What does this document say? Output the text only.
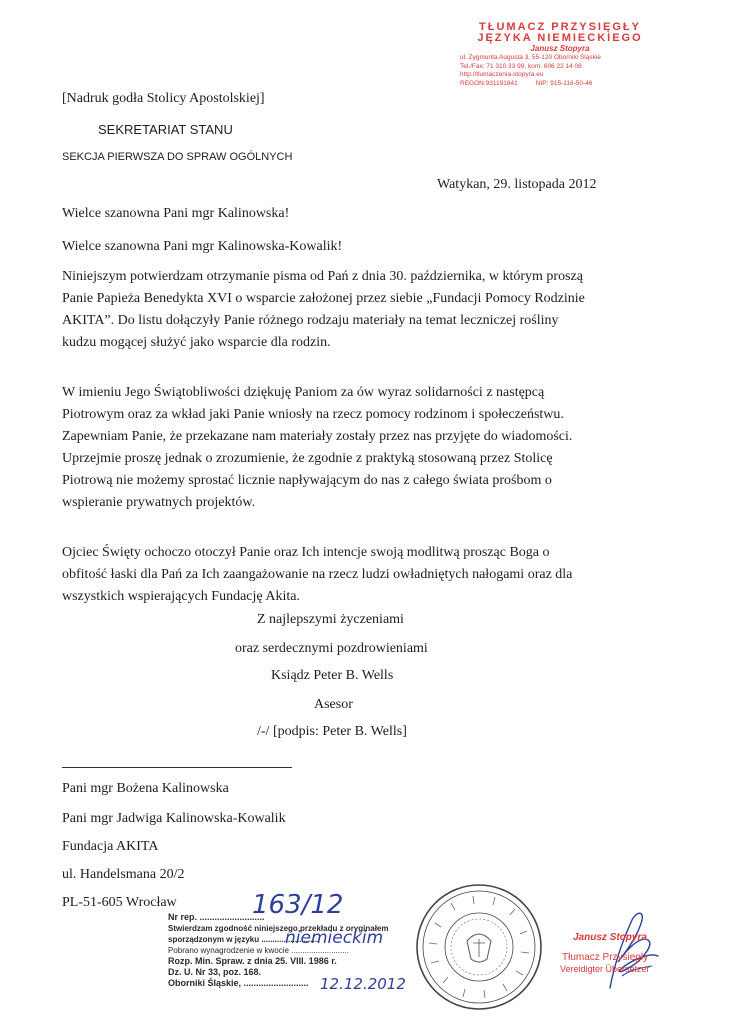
TŁUMACZ PRZYSIĘGŁY
JĘZYKA NIEMIECKIEGO
Janusz Stopyra
ul. Zygmunta Augusta 3, 55-120 Oborniki Śląskie
Tel./Fax: 71 310 33 99, kom. 606 22 14 08
http://tlumaczenia-stopyra.eu
REGON:931191841	NIP: 915-116-50-46
[Nadruk godła Stolicy Apostolskiej]
SEKRETARIAT STANU
SEKCJA PIERWSZA DO SPRAW OGÓLNYCH
Watykan, 29. listopada 2012
Wielce szanowna Pani mgr Kalinowska!
Wielce szanowna Pani mgr Kalinowska-Kowalik!
Niniejszym potwierdzam otrzymanie pisma od Pań z dnia 30. października, w którym proszą
Panie Papieża Benedykta XVI o wsparcie założonej przez siebie „Fundacji Pomocy Rodzinie
AKITA”. Do listu dołączyły Panie różnego rodzaju materiały na temat leczniczej rośliny
kudzu mogącej służyć jako wsparcie dla rodzin.
W imieniu Jego Świątobliwości dziękuję Paniom za ów wyraz solidarności z następcą
Piotrowym oraz za wkład jaki Panie wniosły na rzecz pomocy rodzinom i społeczeństwu.
Zapewniam Panie, że przekazane nam materiały zostały przez nas przyjęte do wiadomości.
Uprzejmie proszę jednak o zrozumienie, że zgodnie z praktyką stosowaną przez Stolicę
Piotrową nie możemy sprostać licznie napływającym do nas z całego świata prośbom o
wspieranie prywatnych projektów.
Ojciec Święty ochoczo otoczył Panie oraz Ich intencje swoją modlitwą prosząc Boga o
obfitość łaski dla Pań za Ich zaangażowanie na rzecz ludzi owładniętych nałogami oraz dla
wszystkich wspierających Fundację Akita.
Z najlepszymi życzeniami
oraz serdecznymi pozdrowieniami
Ksiądz Peter B. Wells
Asesor
/-/ [podpis: Peter B. Wells]
Pani mgr Bożena Kalinowska
Pani mgr Jadwiga Kalinowska-Kowalik
Fundacja AKITA
ul. Handelsmana 20/2
PL-51-605 Wrocław
Nr rep. ..........................
Stwierdzam zgodność niniejszego przekładu z oryginałem
sporządzonym w języku ..........................
Pobrano wynagrodzenie w kwocie ..........................
Rozp. Min. Spraw. z dnia 25. VIII. 1986 r.
Dz. U. Nr 33, poz. 168.
Oborniki Śląskie, ..........................
163/12
niemieckim
12.12.2012
Janusz Stopyra
Tłumacz Przysięgły
Vereidigter Übersetzer
